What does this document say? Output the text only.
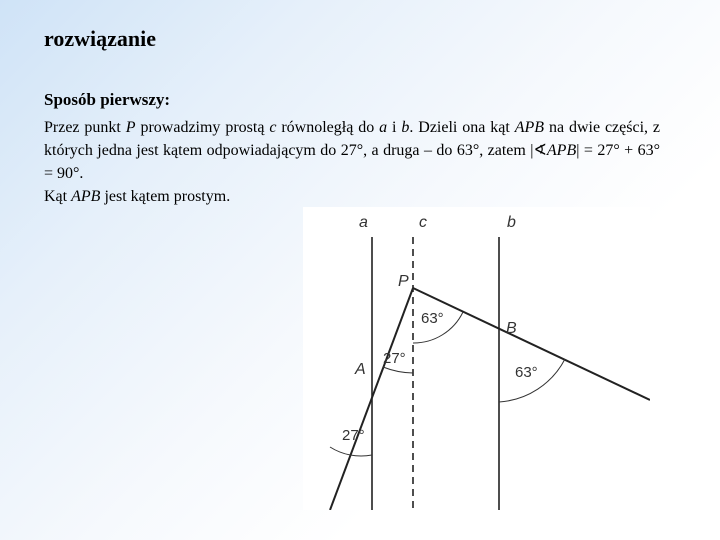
rozwiązanie
Sposób pierwszy:
Przez punkt P prowadzimy prostą c równoległą do a i b. Dzieli ona kąt APB na dwie części, z których jedna jest kątem odpowiadającym do 27°, a druga – do 63°, zatem |∢APB| = 27° + 63° = 90°.
Kąt APB jest kątem prostym.
a	c	b
P
A
B
63°
27°
27°
63°
